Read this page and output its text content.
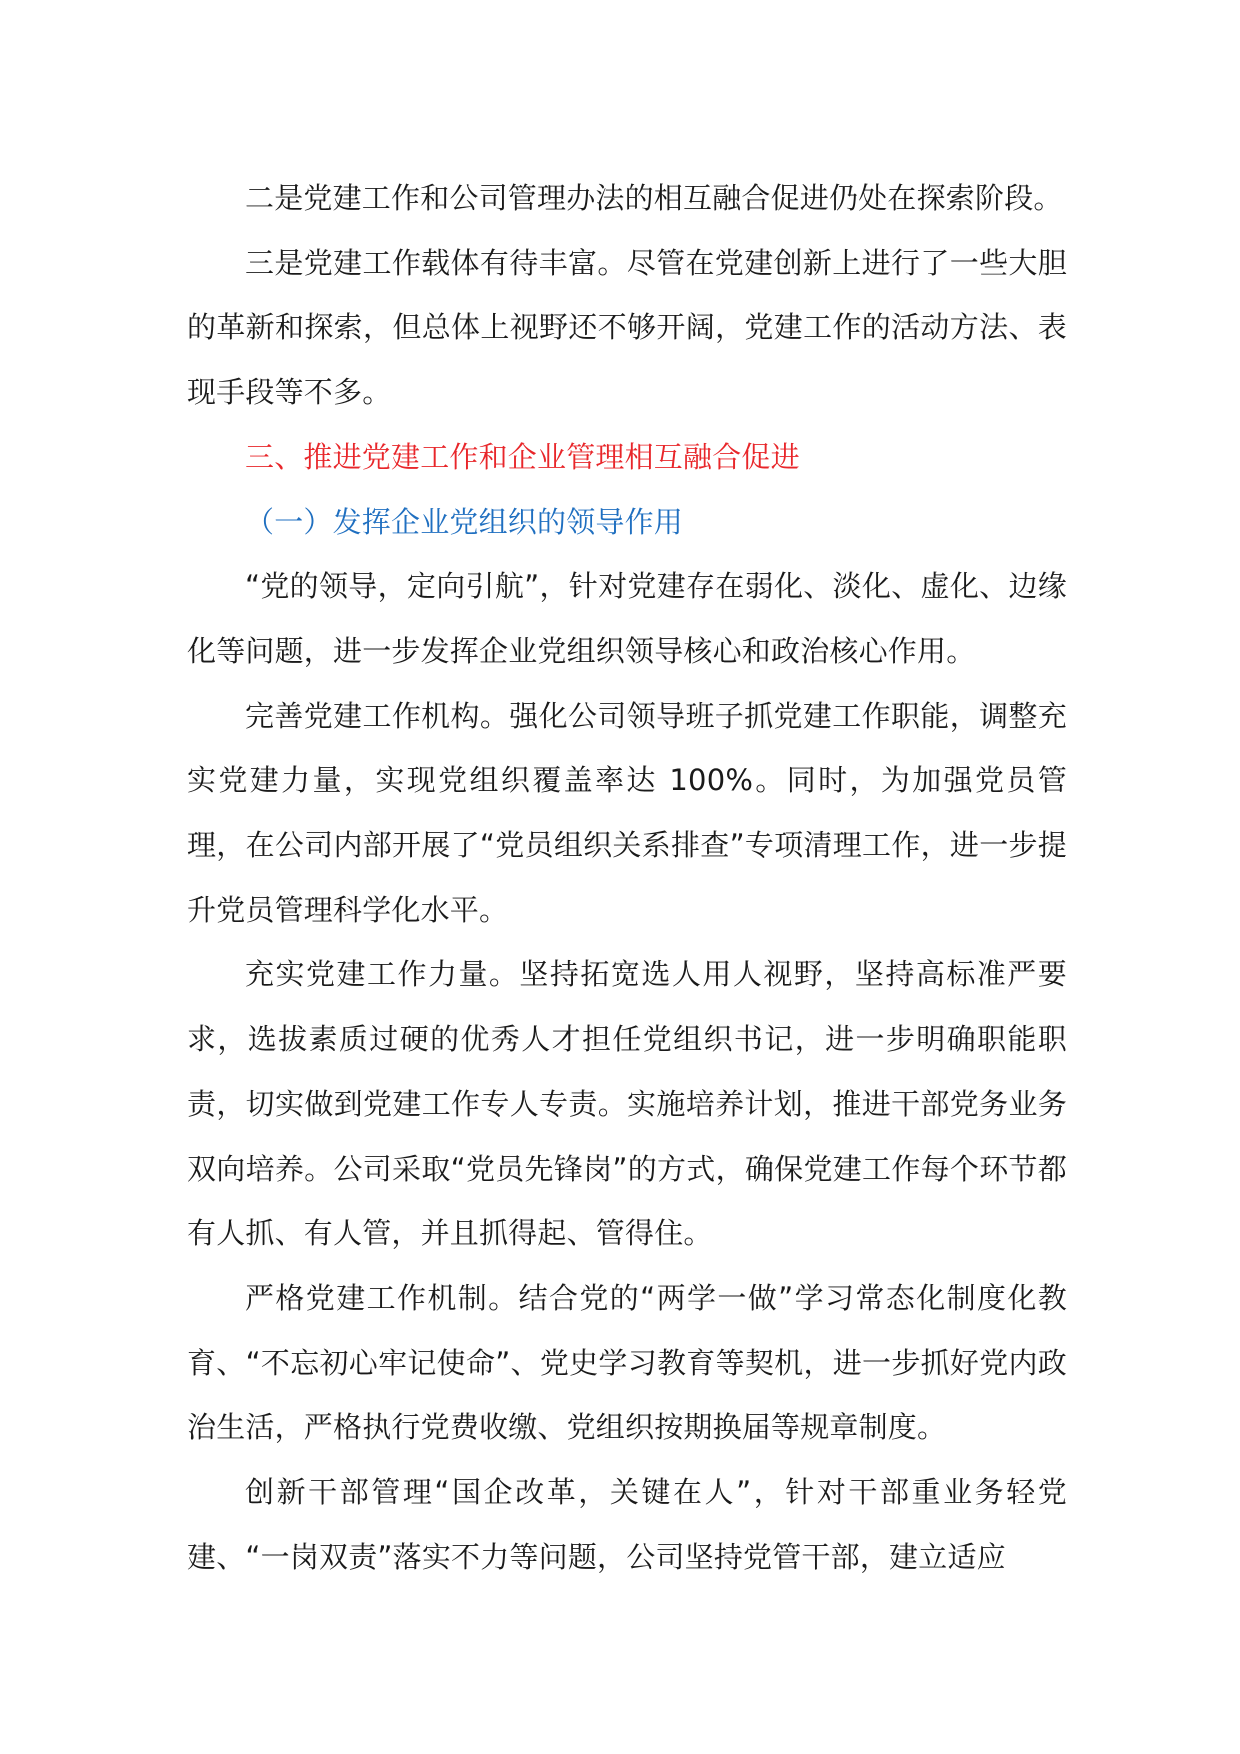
二是党建工作和公司管理办法的相互融合促进仍处在探索阶段。

三是党建工作载体有待丰富。尽管在党建创新上进行了一些大胆的革新和探索，但总体上视野还不够开阔，党建工作的活动方法、表现手段等不多。

三、推进党建工作和企业管理相互融合促进

（一）发挥企业党组织的领导作用

“党的领导，定向引航”，针对党建存在弱化、淡化、虚化、边缘化等问题，进一步发挥企业党组织领导核心和政治核心作用。

完善党建工作机构。强化公司领导班子抓党建工作职能，调整充实党建力量，实现党组织覆盖率达 100%。同时，为加强党员管理，在公司内部开展了“党员组织关系排查”专项清理工作，进一步提升党员管理科学化水平。

充实党建工作力量。坚持拓宽选人用人视野，坚持高标准严要求，选拔素质过硬的优秀人才担任党组织书记，进一步明确职能职责，切实做到党建工作专人专责。实施培养计划，推进干部党务业务双向培养。公司采取“党员先锋岗”的方式，确保党建工作每个环节都有人抓、有人管，并且抓得起、管得住。

严格党建工作机制。结合党的“两学一做”学习常态化制度化教育、“不忘初心牢记使命”、党史学习教育等契机，进一步抓好党内政治生活，严格执行党费收缴、党组织按期换届等规章制度。

创新干部管理“国企改革，关键在人”，针对干部重业务轻党建、“一岗双责”落实不力等问题，公司坚持党管干部，建立适应
